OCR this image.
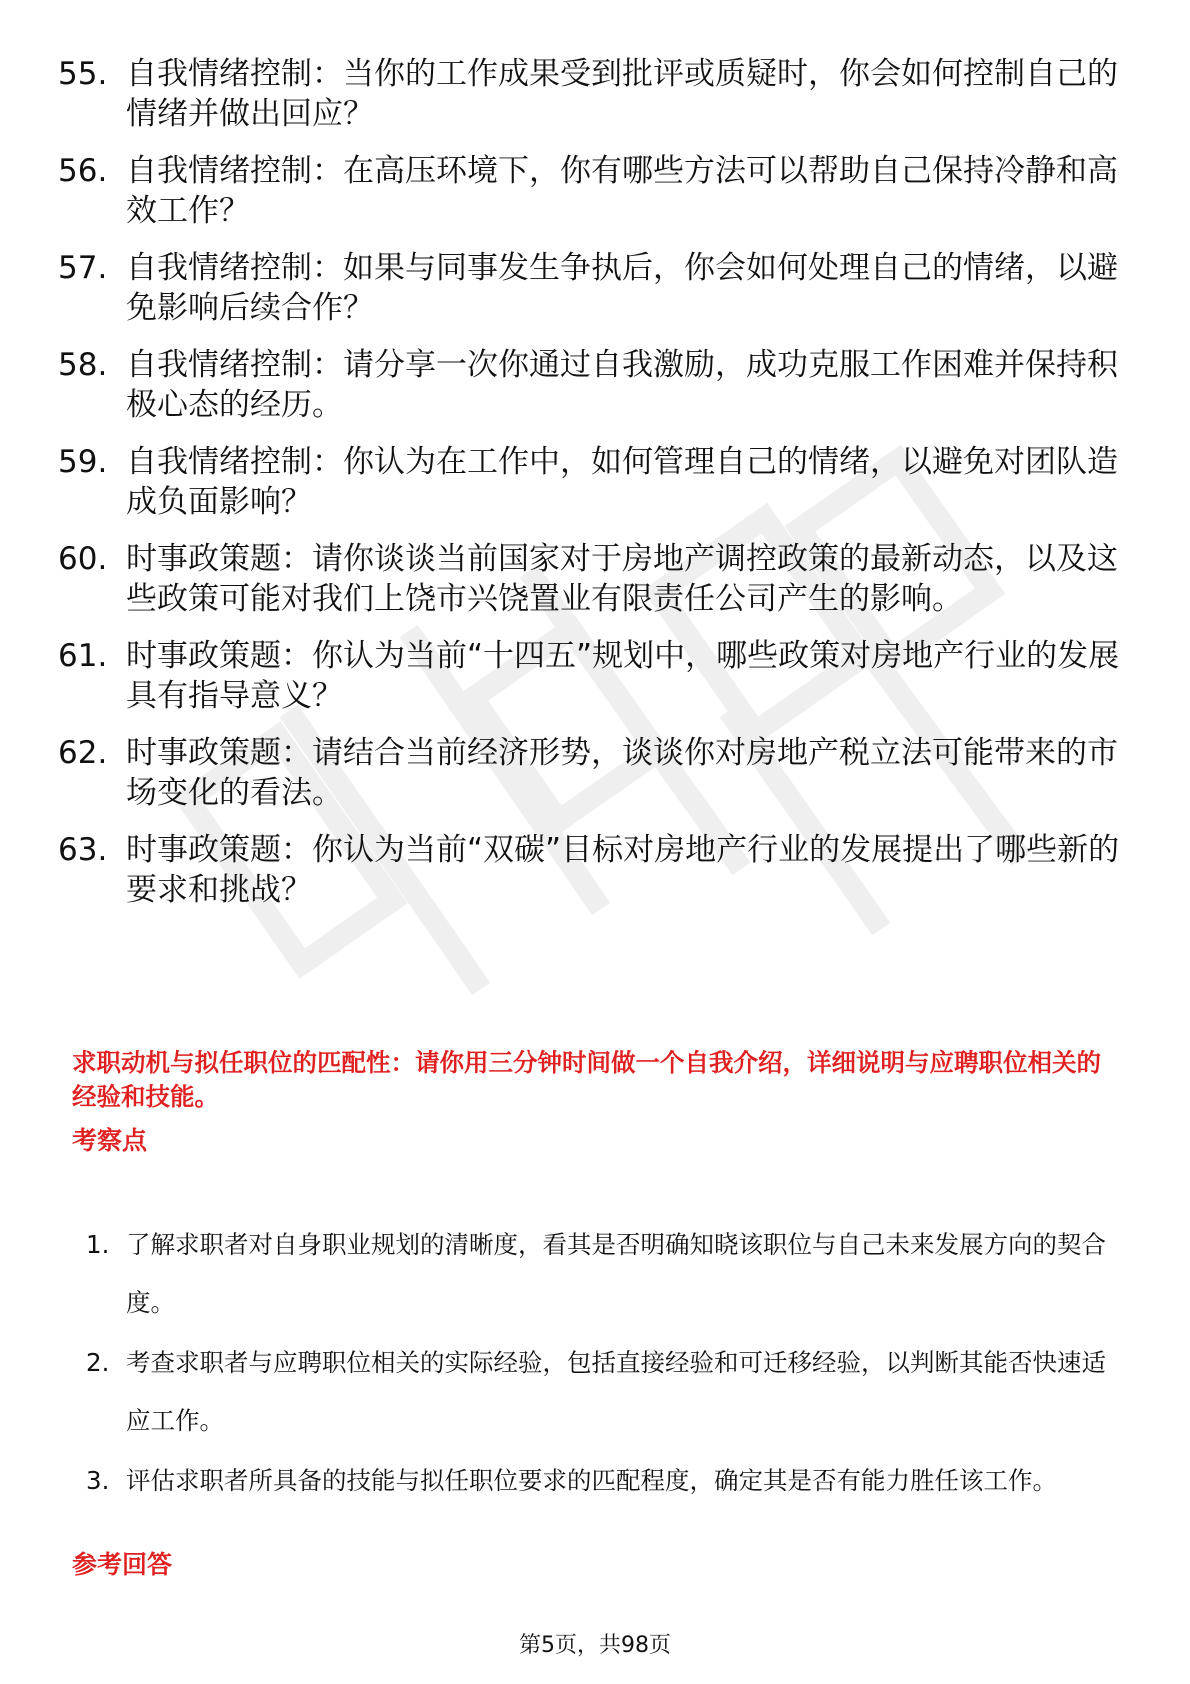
55. 自我情绪控制：当你的工作成果受到批评或质疑时，你会如何控制自己的情绪并做出回应？
56. 自我情绪控制：在高压环境下，你有哪些方法可以帮助自己保持冷静和高效工作？
57. 自我情绪控制：如果与同事发生争执后，你会如何处理自己的情绪，以避免影响后续合作？
58. 自我情绪控制：请分享一次你通过自我激励，成功克服工作困难并保持积极心态的经历。
59. 自我情绪控制：你认为在工作中，如何管理自己的情绪，以避免对团队造成负面影响？
60. 时事政策题：请你谈谈当前国家对于房地产调控政策的最新动态，以及这些政策可能对我们上饶市兴饶置业有限责任公司产生的影响。
61. 时事政策题：你认为当前“十四五”规划中，哪些政策对房地产行业的发展具有指导意义？
62. 时事政策题：请结合当前经济形势，谈谈你对房地产税立法可能带来的市场变化的看法。
63. 时事政策题：你认为当前“双碳”目标对房地产行业的发展提出了哪些新的要求和挑战？
求职动机与拟任职位的匹配性：请你用三分钟时间做一个自我介绍，详细说明与应聘职位相关的经验和技能。
考察点
1. 了解求职者对自身职业规划的清晰度，看其是否明确知晓该职位与自己未来发展方向的契合度。
2. 考查求职者与应聘职位相关的实际经验，包括直接经验和可迁移经验，以判断其能否快速适应工作。
3. 评估求职者所具备的技能与拟任职位要求的匹配程度，确定其是否有能力胜任该工作。
参考回答
第5页，共98页
